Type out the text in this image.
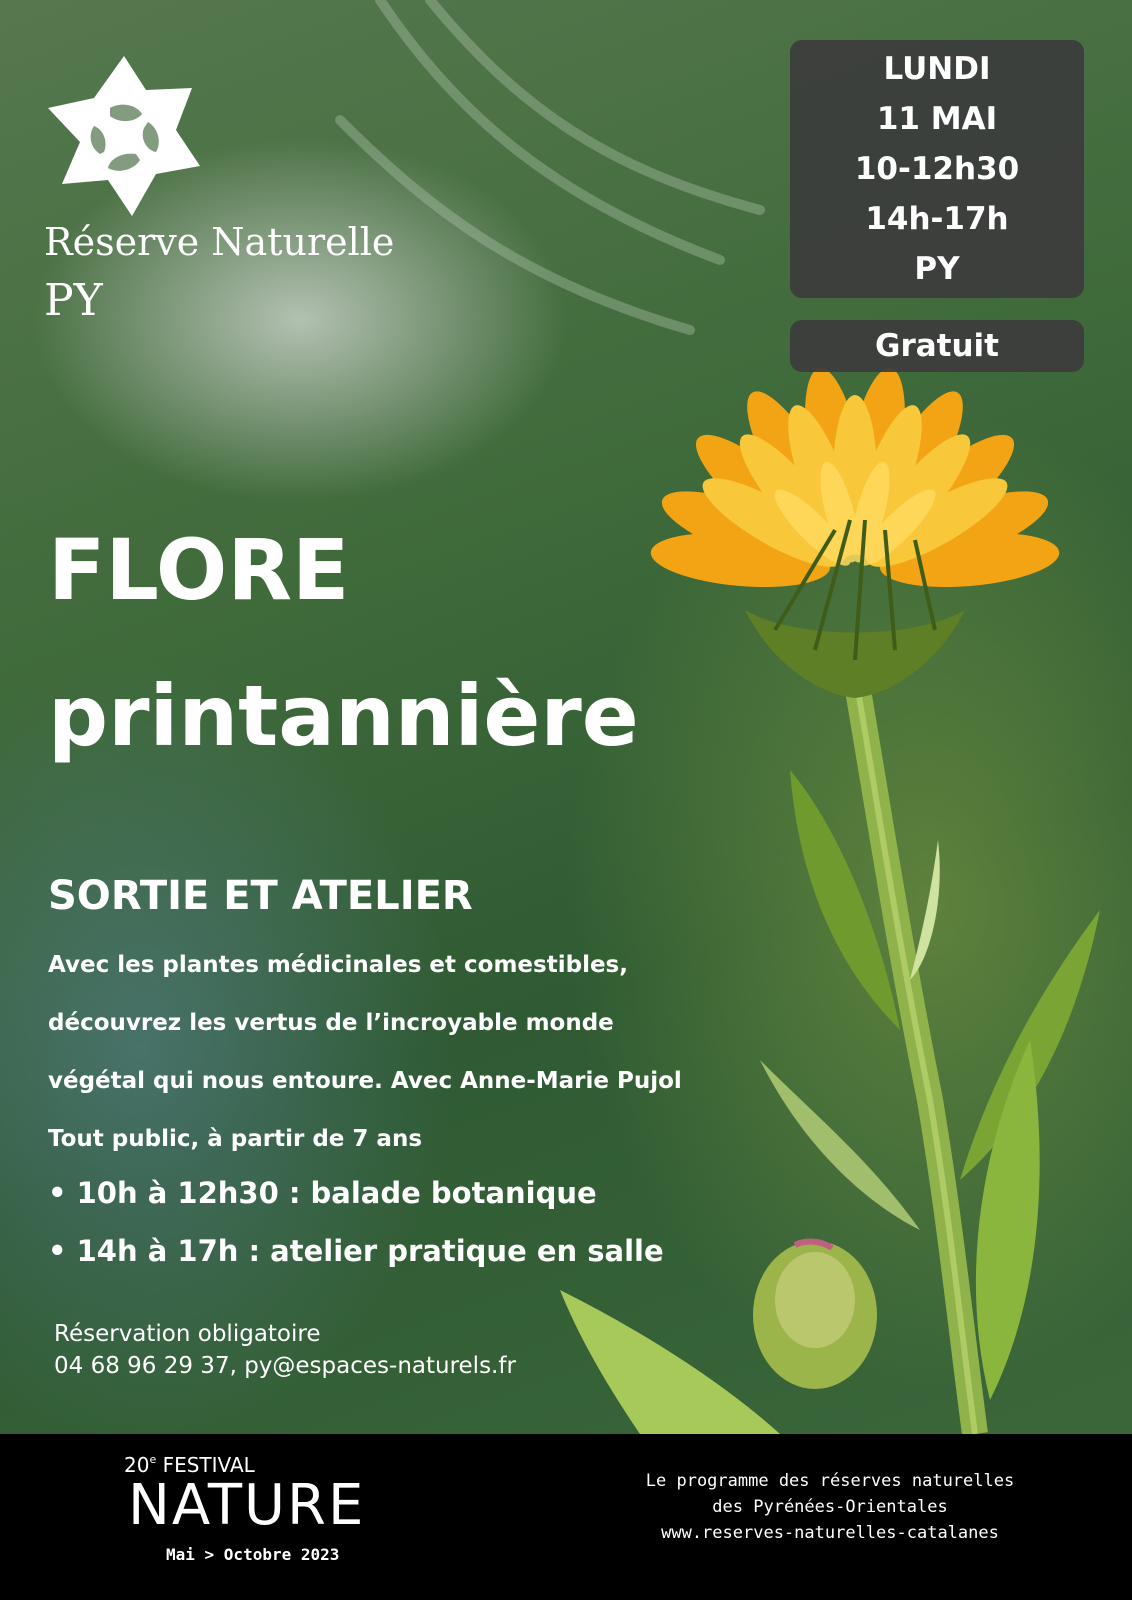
Réserve Naturelle
PY
LUNDI
11 MAI
10-12h30
14h-17h
PY
Gratuit
FLORE
printannière
SORTIE ET ATELIER
Avec les plantes médicinales et comestibles,
découvrez les vertus de l’incroyable monde
végétal qui nous entoure. Avec Anne-Marie Pujol
Tout public, à partir de 7 ans
• 10h à 12h30 : balade botanique
• 14h à 17h : atelier pratique en salle
Réservation obligatoire
04 68 96 29 37, py@espaces-naturels.fr
20e FESTIVAL
NATURE
Mai > Octobre 2023
Le programme des réserves naturelles
des Pyrénées-Orientales
www.reserves-naturelles-catalanes
